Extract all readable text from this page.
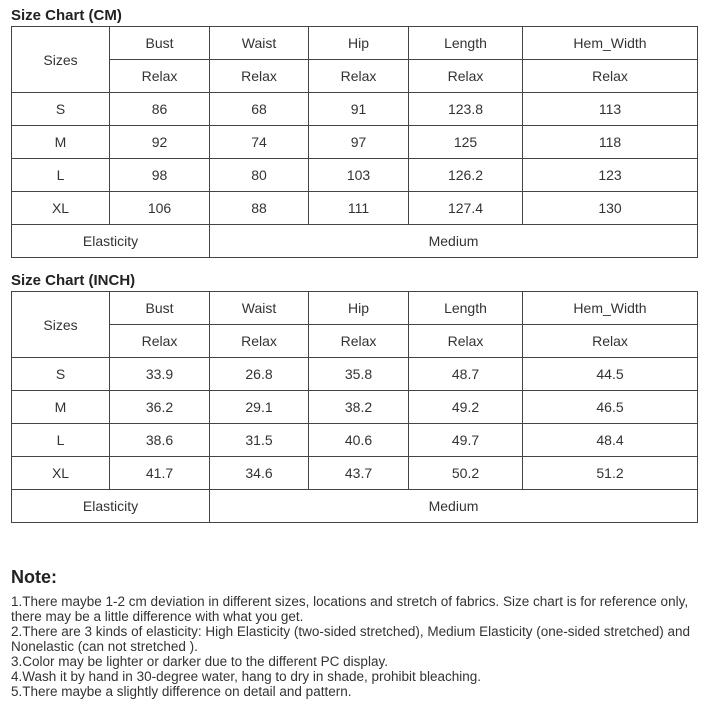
Size Chart (CM)
Sizes	Bust	Waist	Hip	Length	Hem_Width
	Relax	Relax	Relax	Relax	Relax
S	86	68	91	123.8	113
M	92	74	97	125	118
L	98	80	103	126.2	123
XL	106	88	111	127.4	130
Elasticity		Medium			
Size Chart (INCH)
Sizes	Bust	Waist	Hip	Length	Hem_Width
	Relax	Relax	Relax	Relax	Relax
S	33.9	26.8	35.8	48.7	44.5
M	36.2	29.1	38.2	49.2	46.5
L	38.6	31.5	40.6	49.7	48.4
XL	41.7	34.6	43.7	50.2	51.2
Elasticity		Medium			
Note:
1.There maybe 1-2 cm deviation in different sizes, locations and stretch of fabrics. Size chart is for reference only,
there may be a little difference with what you get.
2.There are 3 kinds of elasticity: High Elasticity (two-sided stretched), Medium Elasticity (one-sided stretched) and
Nonelastic (can not stretched ).
3.Color may be lighter or darker due to the different PC display.
4.Wash it by hand in 30-degree water, hang to dry in shade, prohibit bleaching.
5.There maybe a slightly difference on detail and pattern.
